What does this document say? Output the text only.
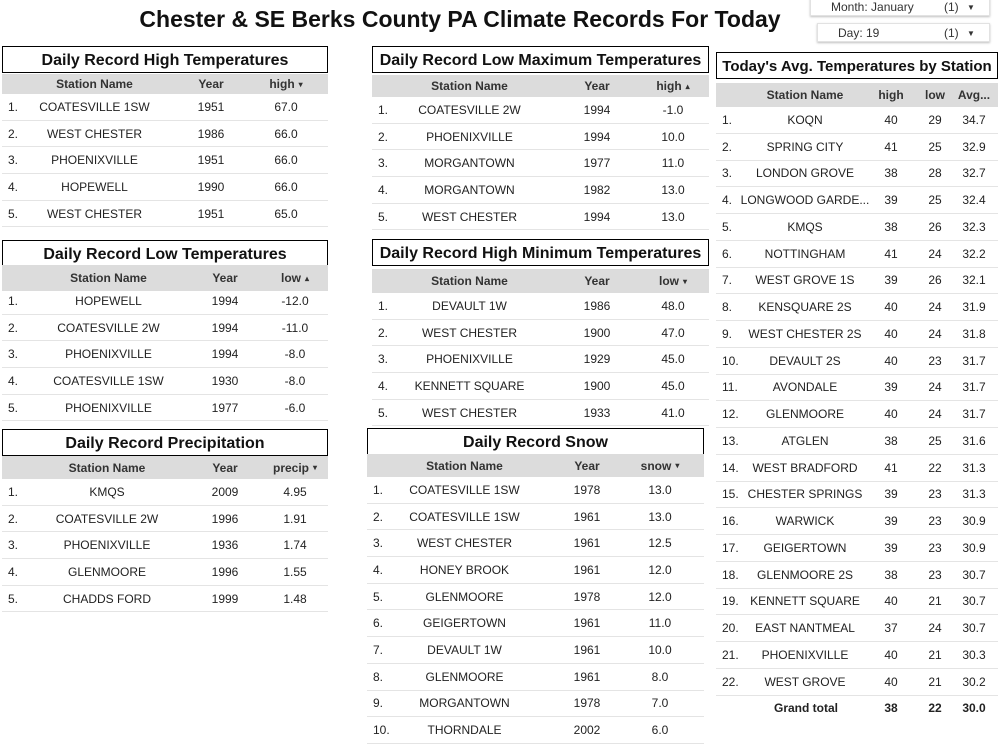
Chester & SE Berks County PA Climate Records For Today	Month: January	(1) ▼
Day: 19	(1) ▼
Daily Record High Temperatures
Station Name	Year	high ▾
1.	COATESVILLE 1SW	1951	67.0
2.	WEST CHESTER	1986	66.0
3.	PHOENIXVILLE	1951	66.0
4.	HOPEWELL	1990	66.0
5.	WEST CHESTER	1951	65.0
Daily Record Low Temperatures
Station Name	Year	low ▴
1.	HOPEWELL	1994	-12.0
2.	COATESVILLE 2W	1994	-11.0
3.	PHOENIXVILLE	1994	-8.0
4.	COATESVILLE 1SW	1930	-8.0
5.	PHOENIXVILLE	1977	-6.0
Daily Record Precipitation
Station Name	Year	precip ▾
1.	KMQS	2009	4.95
2.	COATESVILLE 2W	1996	1.91
3.	PHOENIXVILLE	1936	1.74
4.	GLENMOORE	1996	1.55
5.	CHADDS FORD	1999	1.48
Daily Record Low Maximum Temperatures
Station Name	Year	high ▴
1.	COATESVILLE 2W	1994	-1.0
2.	PHOENIXVILLE	1994	10.0
3.	MORGANTOWN	1977	11.0
4.	MORGANTOWN	1982	13.0
5.	WEST CHESTER	1994	13.0
Daily Record High Minimum Temperatures
Station Name	Year	low ▾
1.	DEVAULT 1W	1986	48.0
2.	WEST CHESTER	1900	47.0
3.	PHOENIXVILLE	1929	45.0
4.	KENNETT SQUARE	1900	45.0
5.	WEST CHESTER	1933	41.0
Daily Record Snow
Station Name	Year	snow ▾
1.	COATESVILLE 1SW	1978	13.0
2.	COATESVILLE 1SW	1961	13.0
3.	WEST CHESTER	1961	12.5
4.	HONEY BROOK	1961	12.0
5.	GLENMOORE	1978	12.0
6.	GEIGERTOWN	1961	11.0
7.	DEVAULT 1W	1961	10.0
8.	GLENMOORE	1961	8.0
9.	MORGANTOWN	1978	7.0
10.	THORNDALE	2002	6.0
Today's Avg. Temperatures by Station
Station Name	high	low	Avg...
1.	KOQN	40	29	34.7
2.	SPRING CITY	41	25	32.9
3.	LONDON GROVE	38	28	32.7
4. LONGWOOD GARDE...	39	25	32.4
5.	KMQS	38	26	32.3
6.	NOTTINGHAM	41	24	32.2
7.	WEST GROVE 1S	39	26	32.1
8.	KENSQUARE 2S	40	24	31.9
9.	WEST CHESTER 2S	40	24	31.8
10.	DEVAULT 2S	40	23	31.7
11.	AVONDALE	39	24	31.7
12.	GLENMOORE	40	24	31.7
13.	ATGLEN	38	25	31.6
14.	WEST BRADFORD	41	22	31.3
15. CHESTER SPRINGS	39	23	31.3
16.	WARWICK	39	23	30.9
17.	GEIGERTOWN	39	23	30.9
18.	GLENMOORE 2S	38	23	30.7
19. KENNETT SQUARE	40	21	30.7
20.	EAST NANTMEAL	37	24	30.7
21.	PHOENIXVILLE	40	21	30.3
22.	WEST GROVE	40	21	30.2
Grand total	38	22	30.0
